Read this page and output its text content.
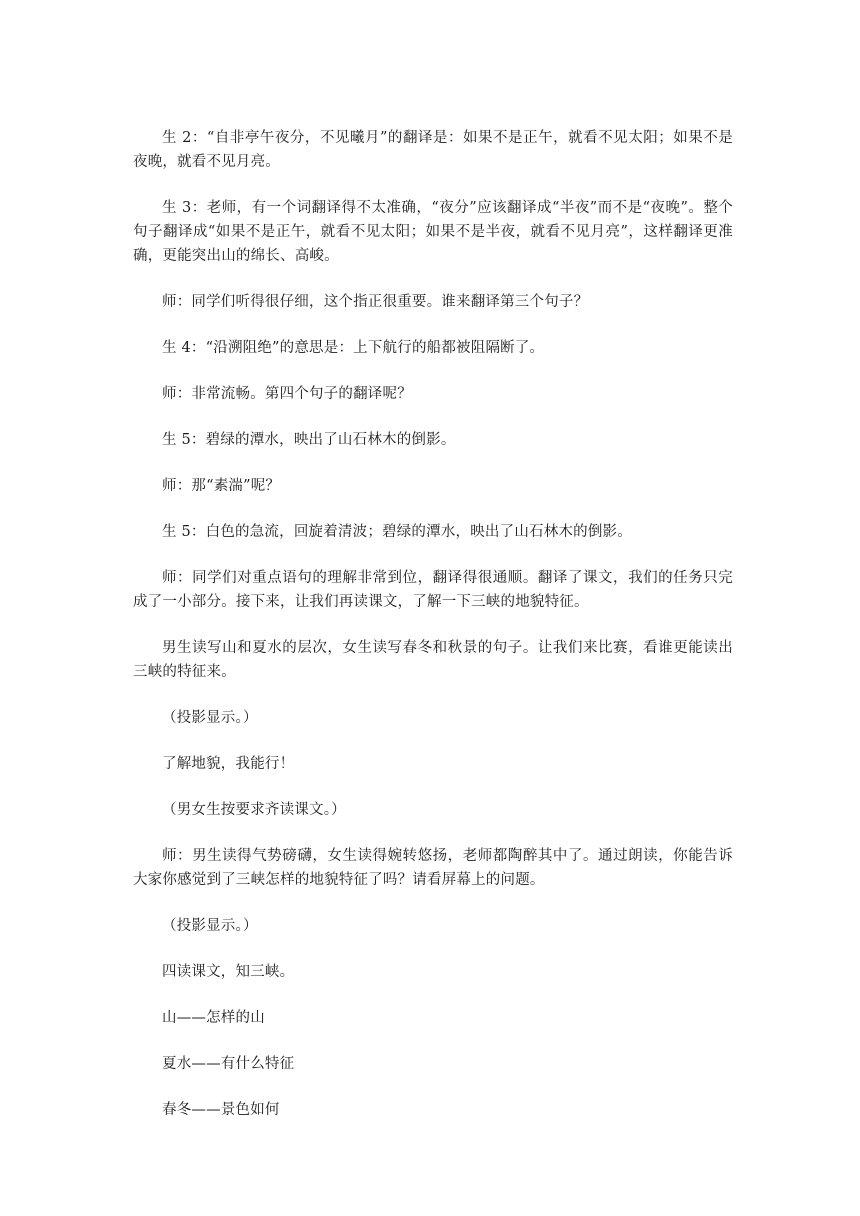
生 2：“自非亭午夜分，不见曦月”的翻译是：如果不是正午，就看不见太阳；如果不是夜晚，就看不见月亮。

生 3：老师，有一个词翻译得不太准确，“夜分”应该翻译成“半夜”而不是“夜晚”。整个句子翻译成“如果不是正午，就看不见太阳；如果不是半夜，就看不见月亮”，这样翻译更准确，更能突出山的绵长、高峻。

师：同学们听得很仔细，这个指正很重要。谁来翻译第三个句子？

生 4：“沿溯阻绝”的意思是：上下航行的船都被阻隔断了。

师：非常流畅。第四个句子的翻译呢？

生 5：碧绿的潭水，映出了山石林木的倒影。

师：那“素湍”呢？

生 5：白色的急流，回旋着清波；碧绿的潭水，映出了山石林木的倒影。

师：同学们对重点语句的理解非常到位，翻译得很通顺。翻译了课文，我们的任务只完成了一小部分。接下来，让我们再读课文，了解一下三峡的地貌特征。

男生读写山和夏水的层次，女生读写春冬和秋景的句子。让我们来比赛，看谁更能读出三峡的特征来。

（投影显示。）

了解地貌，我能行！

（男女生按要求齐读课文。）

师：男生读得气势磅礴，女生读得婉转悠扬，老师都陶醉其中了。通过朗读，你能告诉大家你感觉到了三峡怎样的地貌特征了吗？请看屏幕上的问题。

（投影显示。）

四读课文，知三峡。

山——怎样的山

夏水——有什么特征

春冬——景色如何
